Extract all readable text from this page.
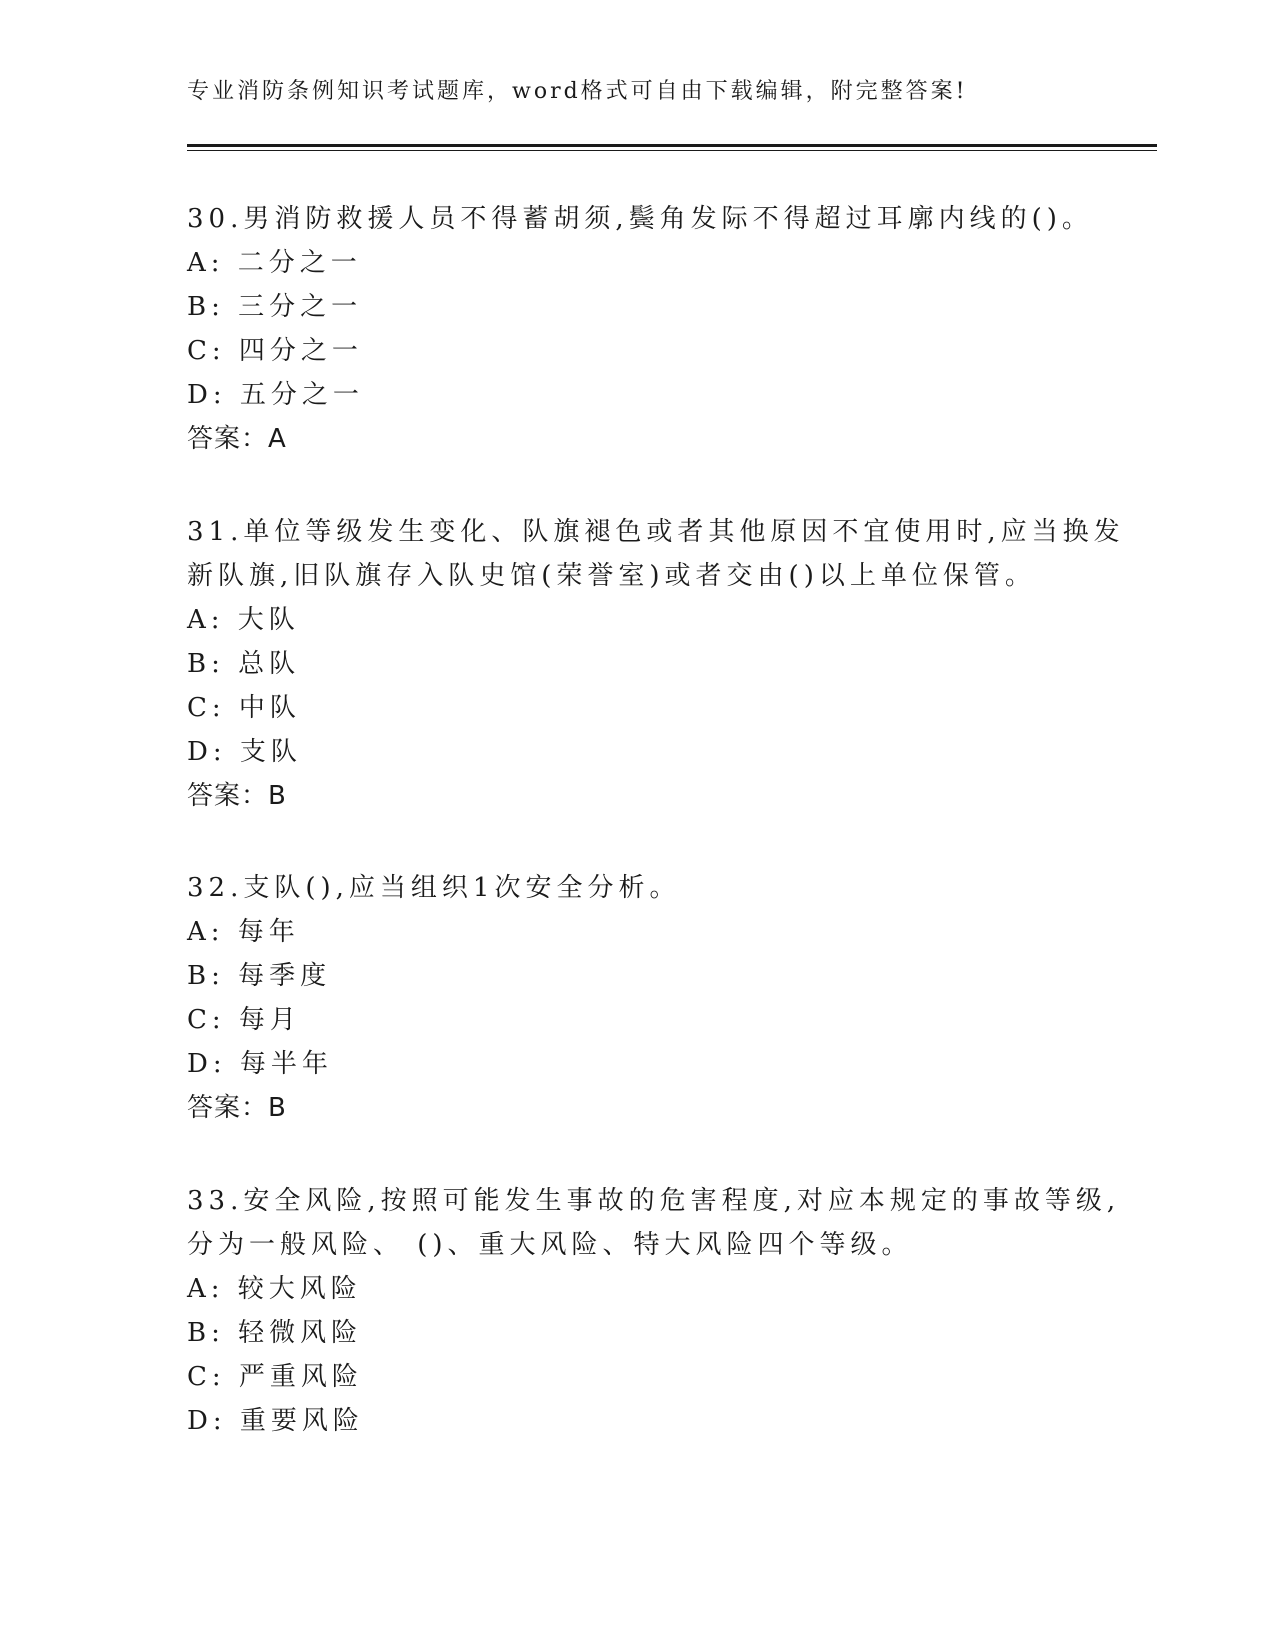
专业消防条例知识考试题库，word格式可自由下载编辑，附完整答案!
30.男消防救援人员不得蓄胡须,鬓角发际不得超过耳廓内线的()。
A: 二分之一
B: 三分之一
C: 四分之一
D: 五分之一
答案：A
31.单位等级发生变化、队旗褪色或者其他原因不宜使用时,应当换发
新队旗,旧队旗存入队史馆(荣誉室)或者交由()以上单位保管。
A: 大队
B: 总队
C: 中队
D: 支队
答案：B
32.支队(),应当组织1次安全分析。
A: 每年
B: 每季度
C: 每月
D: 每半年
答案：B
33.安全风险,按照可能发生事故的危害程度,对应本规定的事故等级,
分为一般风险、 ()、重大风险、特大风险四个等级。
A: 较大风险
B: 轻微风险
C: 严重风险
D: 重要风险
